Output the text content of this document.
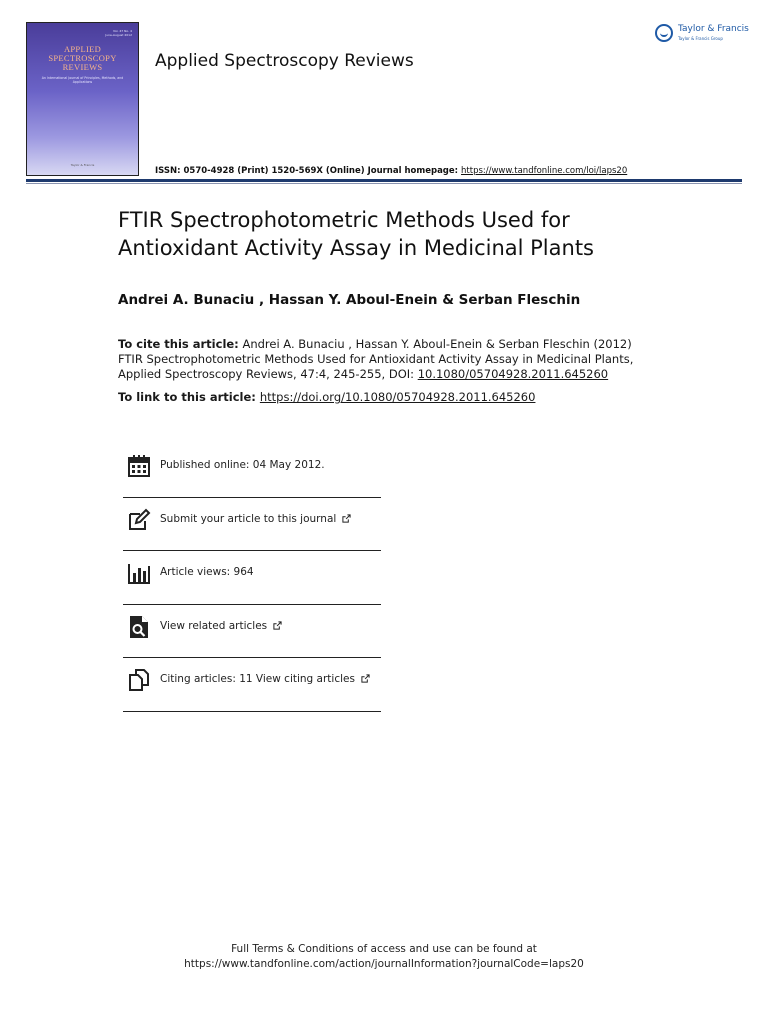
Vol. 47 No. 4
June-August 2012
APPLIED
SPECTROSCOPY
REVIEWS
An International Journal of Principles, Methods, and Applications
Taylor & Francis
Applied Spectroscopy Reviews
Taylor & Francis
Taylor & Francis Group
ISSN: 0570-4928 (Print) 1520-569X (Online) Journal homepage: https://www.tandfonline.com/loi/laps20
FTIR Spectrophotometric Methods Used for
Antioxidant Activity Assay in Medicinal Plants
Andrei A. Bunaciu , Hassan Y. Aboul-Enein & Serban Fleschin
To cite this article: Andrei A. Bunaciu , Hassan Y. Aboul-Enein & Serban Fleschin (2012) FTIR Spectrophotometric Methods Used for Antioxidant Activity Assay in Medicinal Plants, Applied Spectroscopy Reviews, 47:4, 245-255, DOI: 10.1080/05704928.2011.645260
To link to this article: https://doi.org/10.1080/05704928.2011.645260
Published online: 04 May 2012.
Submit your article to this journal
Article views: 964
View related articles
Citing articles: 11 View citing articles
Full Terms & Conditions of access and use can be found at
https://www.tandfonline.com/action/journalInformation?journalCode=laps20
